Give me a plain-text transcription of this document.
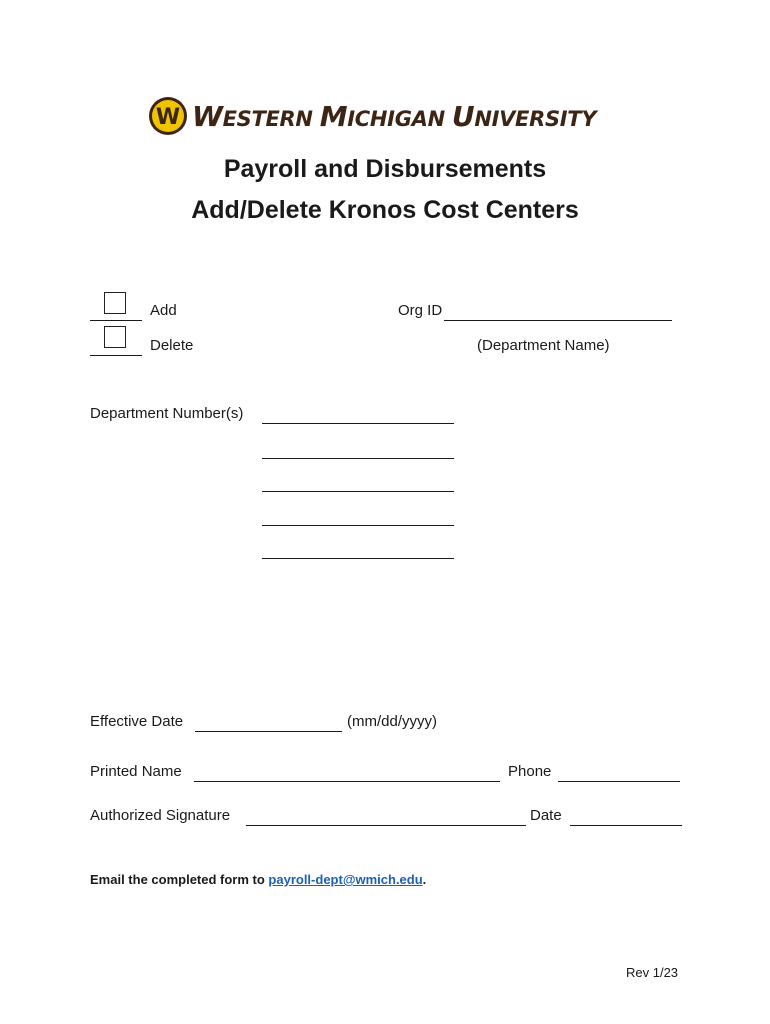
W WESTERN MICHIGAN UNIVERSITY
Payroll and Disbursements
Add/Delete Kronos Cost Centers
Add
Delete
Org ID
(Department Name)
Department Number(s)
Effective Date	(mm/dd/yyyy)
Printed Name	Phone
Authorized Signature	Date
Email the completed form to payroll-dept@wmich.edu.
Rev 1/23
